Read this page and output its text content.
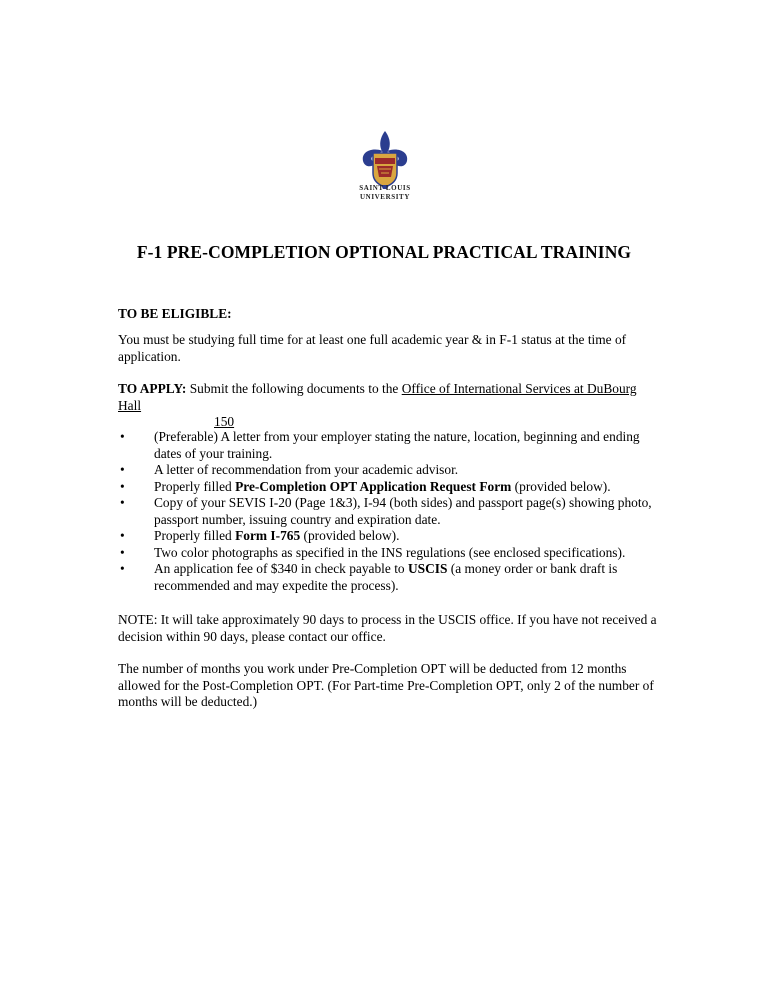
SAINT LOUIS
UNIVERSITY
F-1 PRE-COMPLETION OPTIONAL PRACTICAL TRAINING
TO BE ELIGIBLE:
You must be studying full time for at least one full academic year & in F-1 status at the time of application.
TO APPLY: Submit the following documents to the Office of International Services at DuBourg Hall
150
• (Preferable) A letter from your employer stating the nature, location, beginning and ending dates of your training.
• A letter of recommendation from your academic advisor.
• Properly filled Pre-Completion OPT Application Request Form (provided below).
• Copy of your SEVIS I-20 (Page 1&3), I-94 (both sides) and passport page(s) showing photo, passport number, issuing country and expiration date.
• Properly filled Form I-765 (provided below).
• Two color photographs as specified in the INS regulations (see enclosed specifications).
• An application fee of $340 in check payable to USCIS (a money order or bank draft is recommended and may expedite the process).
NOTE: It will take approximately 90 days to process in the USCIS office. If you have not received a decision within 90 days, please contact our office.
The number of months you work under Pre-Completion OPT will be deducted from 12 months allowed for the Post-Completion OPT. (For Part-time Pre-Completion OPT, only 2 of the number of months will be deducted.)
